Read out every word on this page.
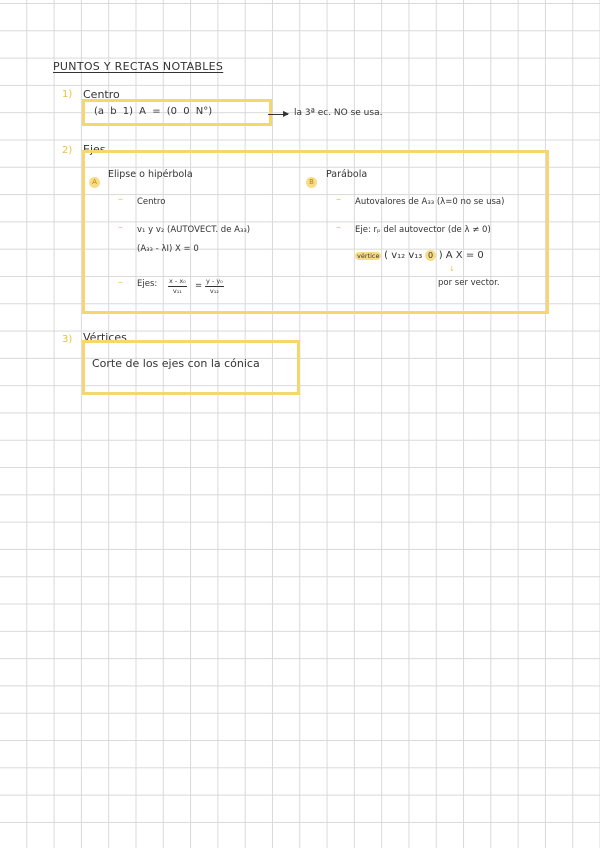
PUNTOS Y RECTAS NOTABLES
1) Centro
(a b 1) A = (0 0 N°)	▶ la 3ª ec. NO se usa.
2) Ejes
A
Elipse o hipérbola
– Centro
– v₁ y v₂ (AUTOVECT. de A₃₃)
(A₃₃ - λI) X = 0
– Ejes: $\frac{\text{x - x₀}}{\text{v₁₁}} = \frac{\text{y - y₀}}{\text{v₁₂}}$
B
Parábola
– Autovalores de A₃₃ (λ=0 no se usa)
– Eje: rₚ del autovector (de λ ≠ 0)
vértice ( v₁₂ v₁₃ 0 ) A X = 0
↓
por ser vector.
3) Vértices
Corte de los ejes con la cónica
